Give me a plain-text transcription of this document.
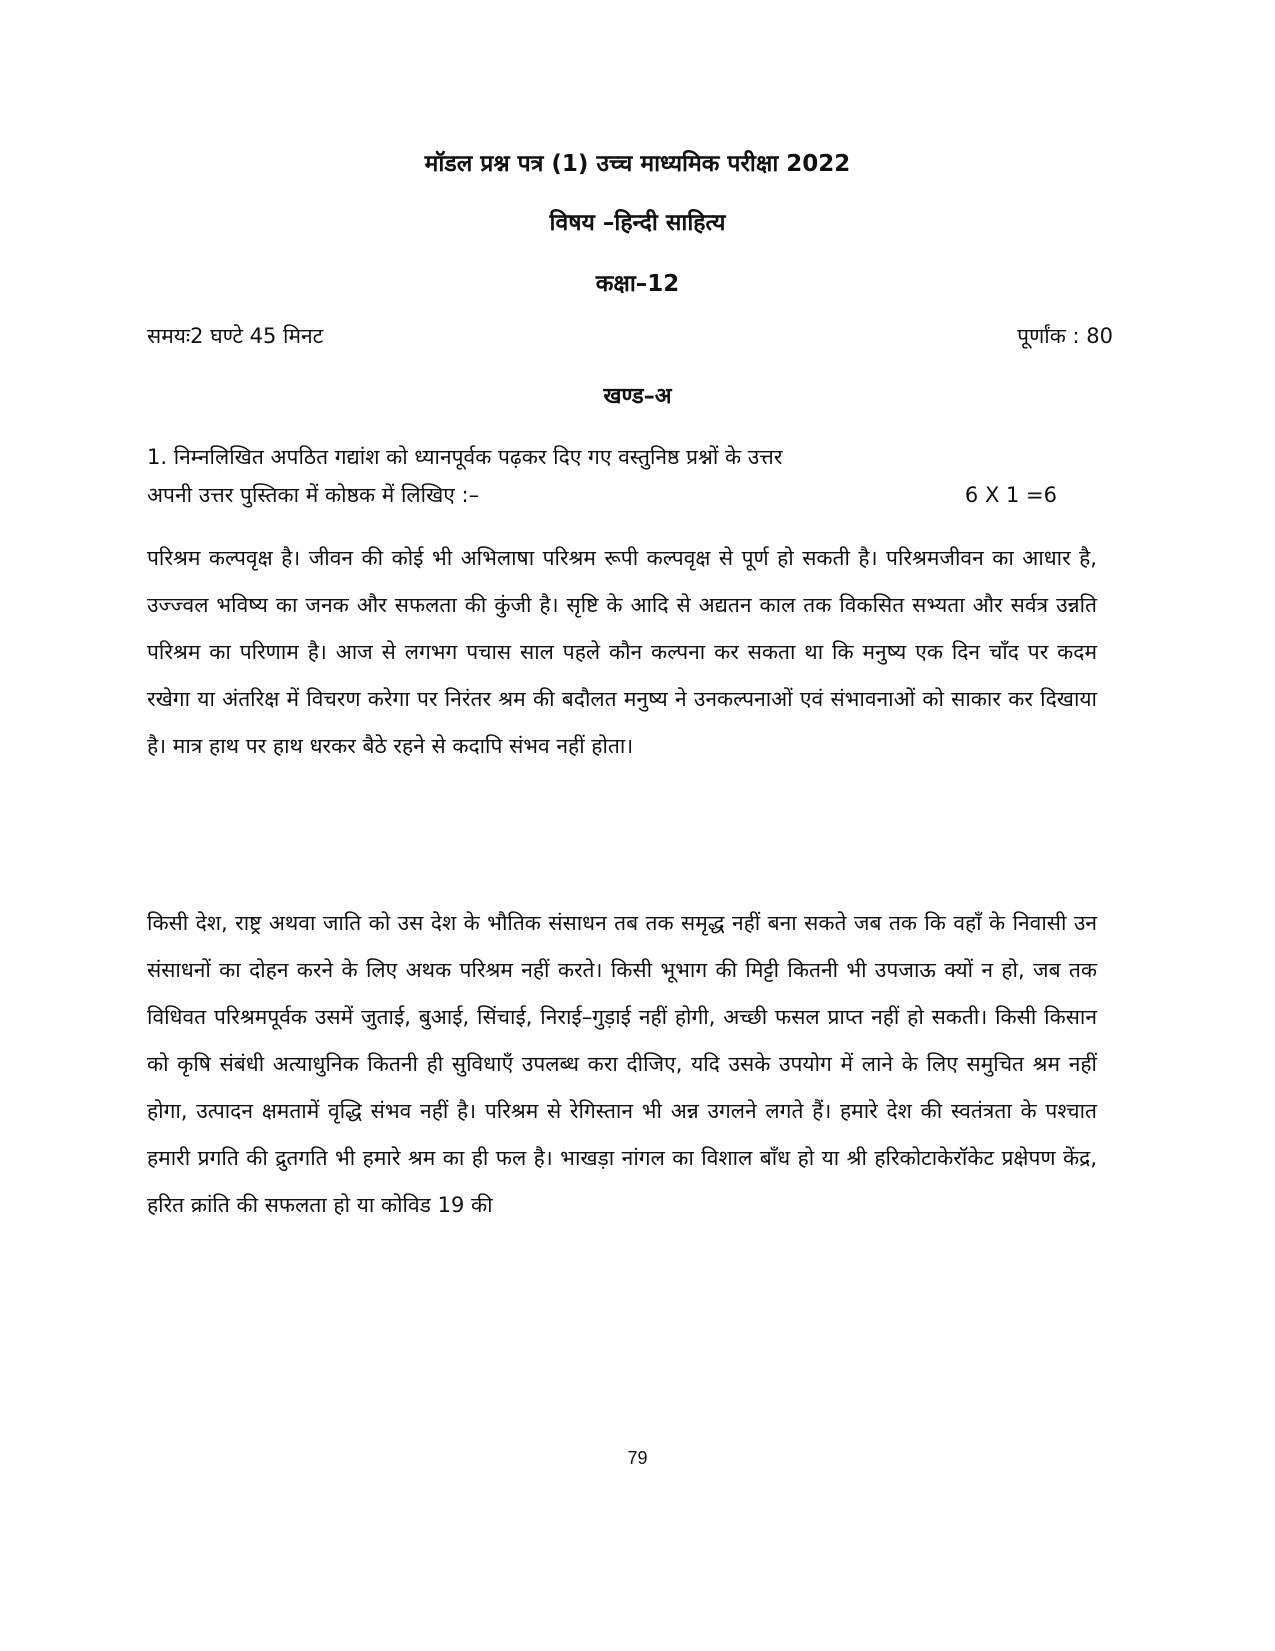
मॉडल प्रश्न पत्र (1) उच्च माध्यमिक परीक्षा 2022
विषय –हिन्दी साहित्य
कक्षा–12
समयः2 घण्टे 45 मिनट	पूर्णांक : 80
खण्ड–अ
1. निम्नलिखित अपठित गद्यांश को ध्यानपूर्वक पढ़कर दिए गए वस्तुनिष्ठ प्रश्नों के उत्तर
अपनी उत्तर पुस्तिका में कोष्ठक में लिखिए :–	6 X 1 =6
परिश्रम कल्पवृक्ष है। जीवन की कोई भी अभिलाषा परिश्रम रूपी कल्पवृक्ष से पूर्ण हो सकती है। परिश्रमजीवन का आधार है, उज्ज्वल भविष्य का जनक और सफलता की कुंजी है। सृष्टि के आदि से अद्यतन काल तक विकसित सभ्यता और सर्वत्र उन्नति परिश्रम का परिणाम है। आज से लगभग पचास साल पहले कौन कल्पना कर सकता था कि मनुष्य एक दिन चाँद पर कदम रखेगा या अंतरिक्ष में विचरण करेगा पर निरंतर श्रम की बदौलत मनुष्य ने उनकल्पनाओं एवं संभावनाओं को साकार कर दिखाया है। मात्र हाथ पर हाथ धरकर बैठे रहने से कदापि संभव नहीं होता।
किसी देश, राष्ट्र अथवा जाति को उस देश के भौतिक संसाधन तब तक समृद्ध नहीं बना सकते जब तक कि वहाँ के निवासी उन संसाधनों का दोहन करने के लिए अथक परिश्रम नहीं करते। किसी भूभाग की मिट्टी कितनी भी उपजाऊ क्यों न हो, जब तक विधिवत परिश्रमपूर्वक उसमें जुताई, बुआई, सिंचाई, निराई–गुड़ाई नहीं होगी, अच्छी फसल प्राप्त नहीं हो सकती। किसी किसान को कृषि संबंधी अत्याधुनिक कितनी ही सुविधाएँ उपलब्ध करा दीजिए, यदि उसके उपयोग में लाने के लिए समुचित श्रम नहीं होगा, उत्पादन क्षमतामें वृद्धि संभव नहीं है। परिश्रम से रेगिस्तान भी अन्न उगलने लगते हैं। हमारे देश की स्वतंत्रता के पश्चात हमारी प्रगति की द्रुतगति भी हमारे श्रम का ही फल है। भाखड़ा नांगल का विशाल बाँध हो या श्री हरिकोटाकेरॉकेट प्रक्षेपण केंद्र, हरित क्रांति की सफलता हो या कोविड 19 की
79
